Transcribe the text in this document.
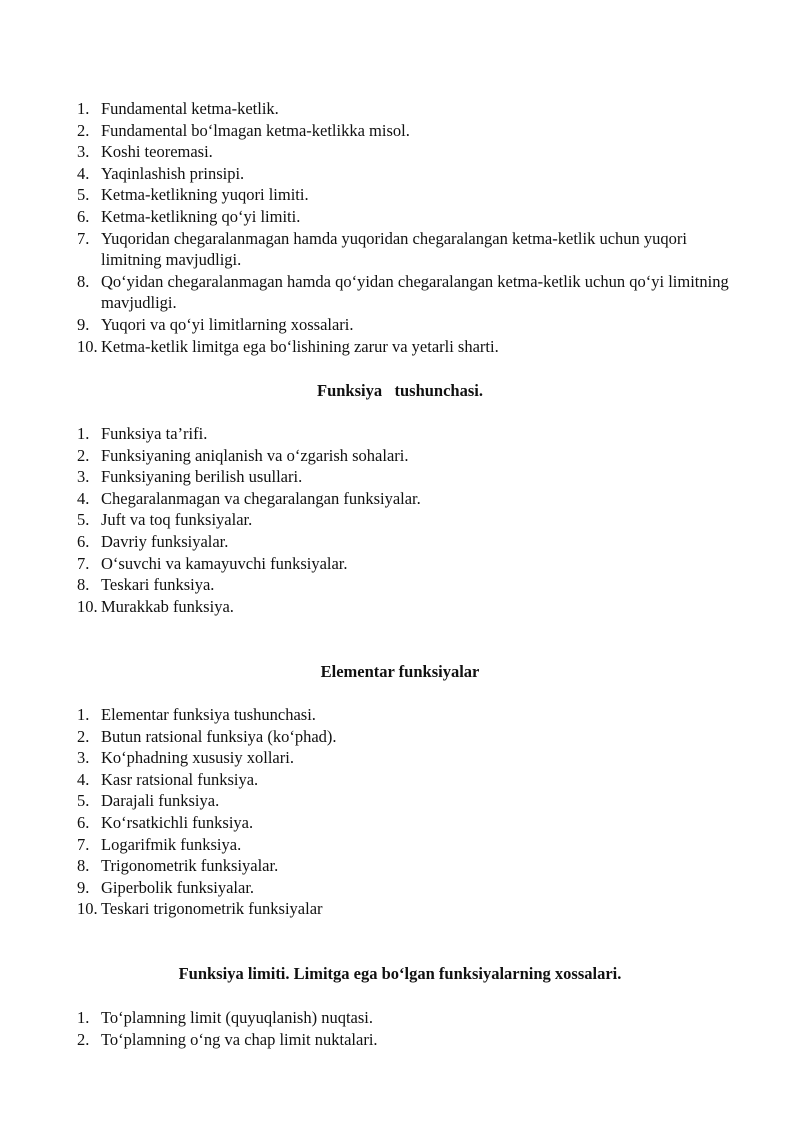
1. Fundamental ketma-ketlik.
2. Fundamental boʻlmagan ketma-ketlikka misol.
3. Koshi teoremasi.
4. Yaqinlashish prinsipi.
5. Ketma-ketlikning yuqori limiti.
6. Ketma-ketlikning qoʻyi limiti.
7. Yuqoridan chegaralanmagan hamda yuqoridan chegaralangan ketma-ketlik uchun yuqori limitning mavjudligi.
8. Qoʻyidan chegaralanmagan hamda qoʻyidan chegaralangan ketma-ketlik uchun qoʻyi limitning mavjudligi.
9. Yuqori va qoʻyi limitlarning xossalari.
10. Ketma-ketlik limitga ega boʻlishining zarur va yetarli sharti.
Funksiya   tushunchasi.
1. Funksiya ta’rifi.
2. Funksiyaning aniqlanish va oʻzgarish sohalari.
3. Funksiyaning berilish usullari.
4. Chegaralanmagan va chegaralangan funksiyalar.
5. Juft va toq funksiyalar.
6. Davriy funksiyalar.
7. Oʻsuvchi va kamayuvchi funksiyalar.
8. Teskari funksiya.
10. Murakkab funksiya.
Elementar funksiyalar
1. Elementar funksiya tushunchasi.
2. Butun ratsional funksiya (koʻphad).
3. Koʻphadning xususiy xollari.
4. Kasr ratsional funksiya.
5. Darajali funksiya.
6. Koʻrsatkichli funksiya.
7. Logarifmik funksiya.
8. Trigonometrik funksiyalar.
9. Giperbolik funksiyalar.
10. Teskari trigonometrik funksiyalar
Funksiya limiti. Limitga ega boʻlgan funksiyalarning xossalari.
1. Toʻplamning limit (quyuqlanish) nuqtasi.
2. Toʻplamning oʻng va chap limit nuktalari.
